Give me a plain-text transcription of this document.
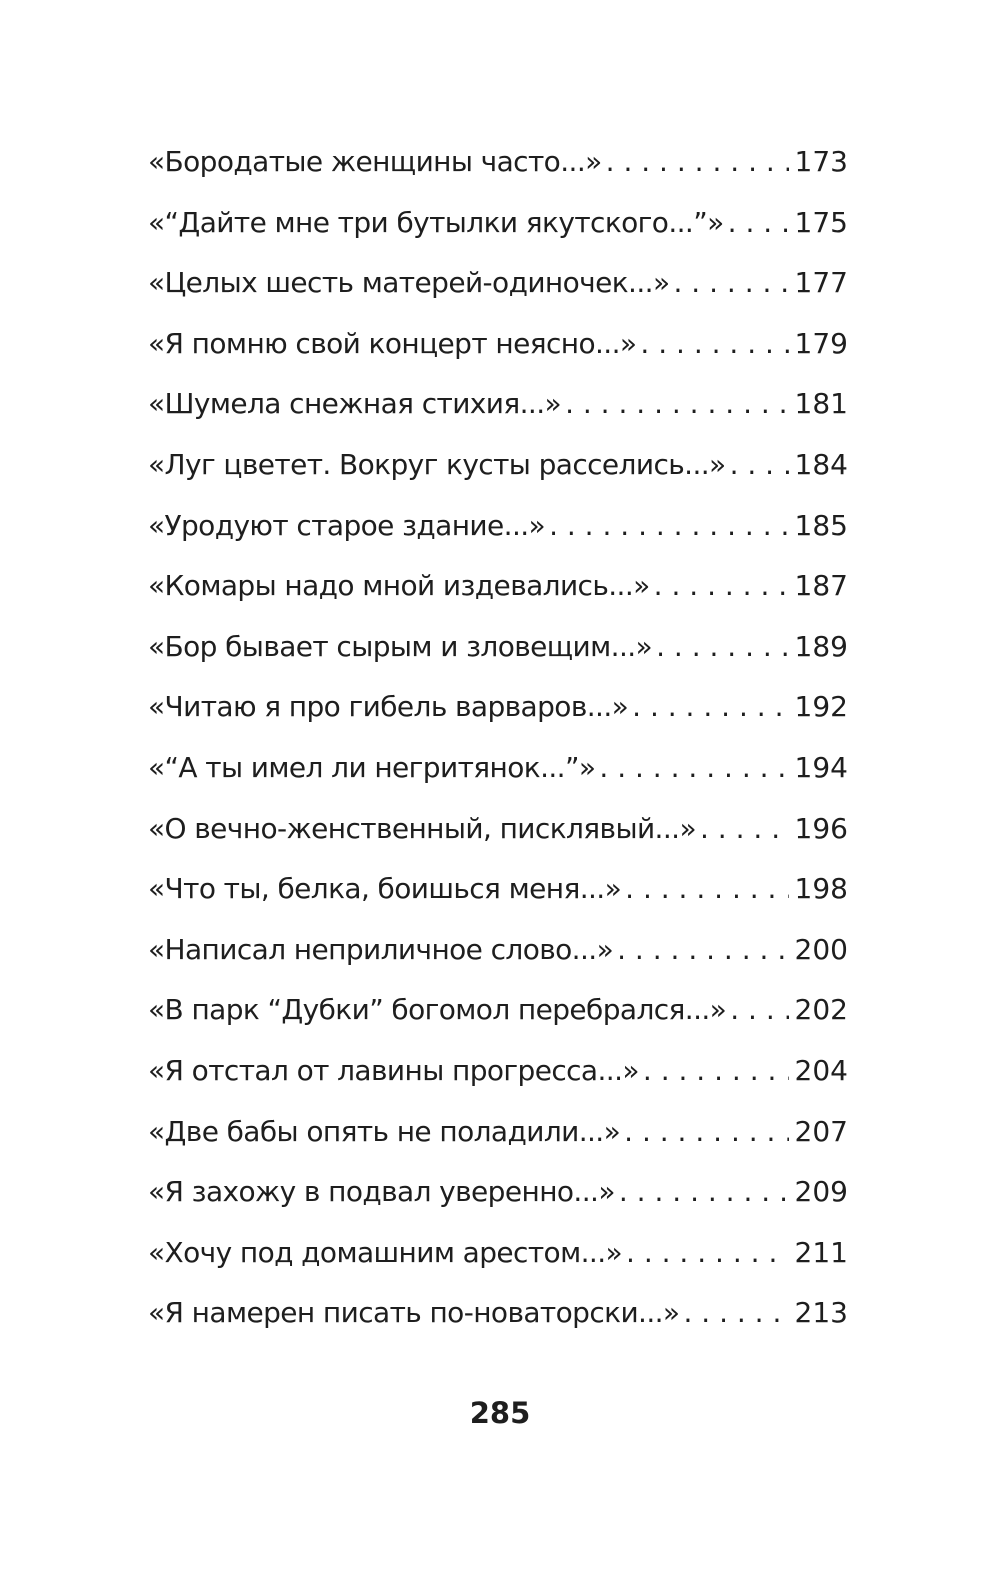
«Бородатые женщины часто...» . . .	173
«“Дайте мне три бутылки якутского...”» . . .	175
«Целых шесть матерей-одиночек...» . . .	177
«Я помню свой концерт неясно...» . . .	179
«Шумела снежная стихия...» . . .	181
«Луг цветет. Вокруг кусты расселись...» . . . 184
«Уродуют старое здание...» . . .	185
«Комары надо мной издевались...» . . .	187
«Бор бывает сырым и зловещим...» . . .	189
«Читаю я про гибель варваров...» . . .	192
«“А ты имел ли негритянок...”» . . .	194
«О вечно-женственный, писклявый...» . . .	196
«Что ты, белка, боишься меня...» . . .	198
«Написал неприличное слово...» . . .	200
«В парк “Дубки” богомол перебрался...» . . . 202
«Я отстал от лавины прогресса...» . . .	204
«Две бабы опять не поладили...» . . .	207
«Я захожу в подвал уверенно...» . . .	209
«Хочу под домашним арестом...» . . .	211
«Я намерен писать по-новаторски...» . . .	213
285
